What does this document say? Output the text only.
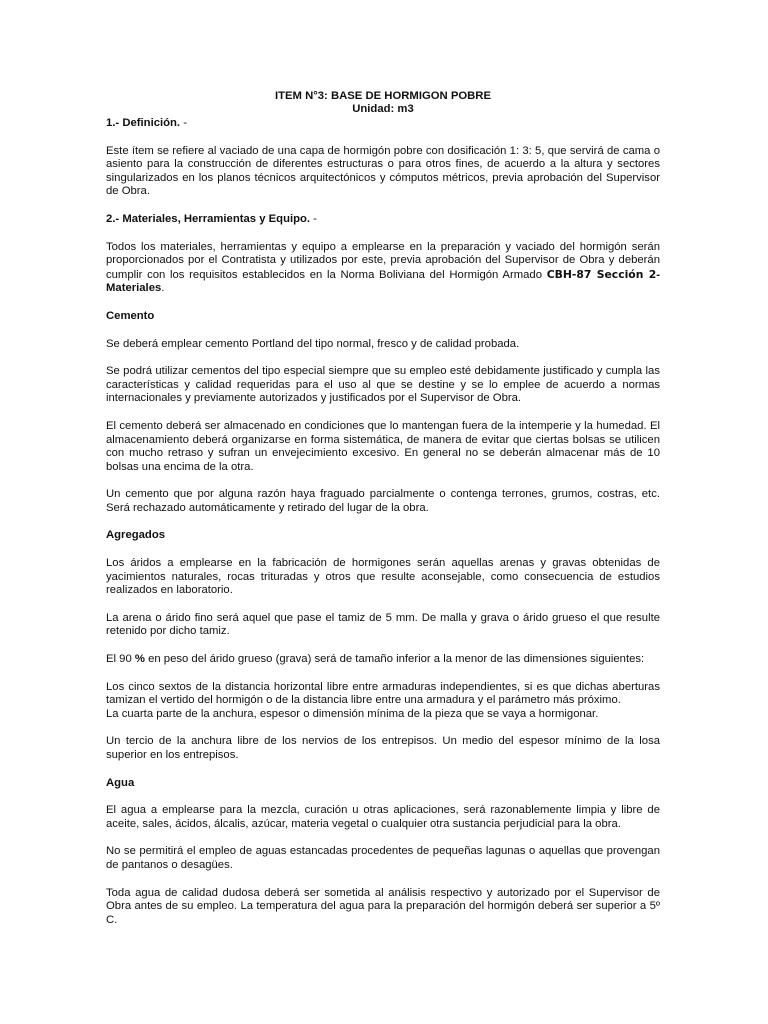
ITEM N°3: BASE DE HORMIGON POBRE
Unidad: m3
1.- Definición. -

Este ítem se refiere al vaciado de una capa de hormigón pobre con dosificación 1: 3: 5, que servirá de cama o asiento para la construcción de diferentes estructuras o para otros fines, de acuerdo a la altura y sectores singularizados en los planos técnicos arquitectónicos y cómputos métricos, previa aprobación del Supervisor de Obra.

2.- Materiales, Herramientas y Equipo. -

Todos los materiales, herramientas y equipo a emplearse en la preparación y vaciado del hormigón serán proporcionados por el Contratista y utilizados por este, previa aprobación del Supervisor de Obra y deberán cumplir con los requisitos establecidos en la Norma Boliviana del Hormigón Armado CBH-87 Sección 2-Materiales.

Cemento

Se deberá emplear cemento Portland del tipo normal, fresco y de calidad probada.

Se podrá utilizar cementos del tipo especial siempre que su empleo esté debidamente justificado y cumpla las características y calidad requeridas para el uso al que se destine y se lo emplee de acuerdo a normas internacionales y previamente autorizados y justificados por el Supervisor de Obra.

El cemento deberá ser almacenado en condiciones que lo mantengan fuera de la intemperie y la humedad. El almacenamiento deberá organizarse en forma sistemática, de manera de evitar que ciertas bolsas se utilicen con mucho retraso y sufran un envejecimiento excesivo. En general no se deberán almacenar más de 10 bolsas una encima de la otra.

Un cemento que por alguna razón haya fraguado parcialmente o contenga terrones, grumos, costras, etc. Será rechazado automáticamente y retirado del lugar de la obra.

Agregados

Los áridos a emplearse en la fabricación de hormigones serán aquellas arenas y gravas obtenidas de yacimientos naturales, rocas trituradas y otros que resulte aconsejable, como consecuencia de estudios realizados en laboratorio.

La arena o árido fino será aquel que pase el tamiz de 5 mm. De malla y grava o árido grueso el que resulte retenido por dicho tamiz.

El 90 % en peso del árido grueso (grava) será de tamaño inferior a la menor de las dimensiones siguientes:

Los cinco sextos de la distancia horizontal libre entre armaduras independientes, si es que dichas aberturas tamizan el vertido del hormigón o de la distancia libre entre una armadura y el parámetro más próximo.

La cuarta parte de la anchura, espesor o dimensión mínima de la pieza que se vaya a hormigonar.

Un tercio de la anchura libre de los nervios de los entrepisos. Un medio del espesor mínimo de la losa superior en los entrepisos.

Agua

El agua a emplearse para la mezcla, curación u otras aplicaciones, será razonablemente limpia y libre de aceite, sales, ácidos, álcalis, azúcar, materia vegetal o cualquier otra sustancia perjudicial para la obra.

No se permitirá el empleo de aguas estancadas procedentes de pequeñas lagunas o aquellas que provengan de pantanos o desagües.

Toda agua de calidad dudosa deberá ser sometida al análisis respectivo y autorizado por el Supervisor de Obra antes de su empleo. La temperatura del agua para la preparación del hormigón deberá ser superior a 5º C.
